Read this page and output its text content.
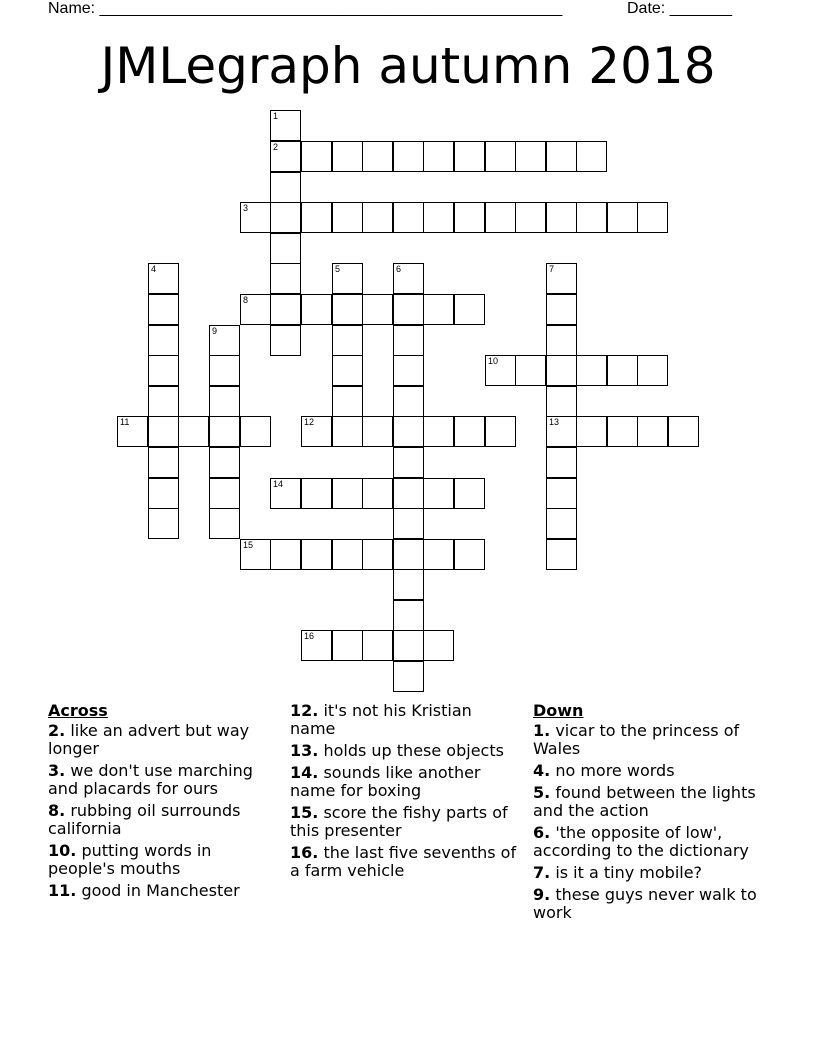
Name: ____________________________________________________	Date: _______
JMLegraph autumn 2018
1
2
3
4	5	6	7
8
9
10
11	12	13
14
15
16
Across
2. like an advert but way longer
3. we don't use marching and placards for ours
8. rubbing oil surrounds california
10. putting words in people's mouths
11. good in Manchester
12. it's not his Kristian name
13. holds up these objects
14. sounds like another name for boxing
15. score the fishy parts of this presenter
16. the last five sevenths of a farm vehicle
Down
1. vicar to the princess of Wales
4. no more words
5. found between the lights and the action
6. 'the opposite of low', according to the dictionary
7. is it a tiny mobile?
9. these guys never walk to work
